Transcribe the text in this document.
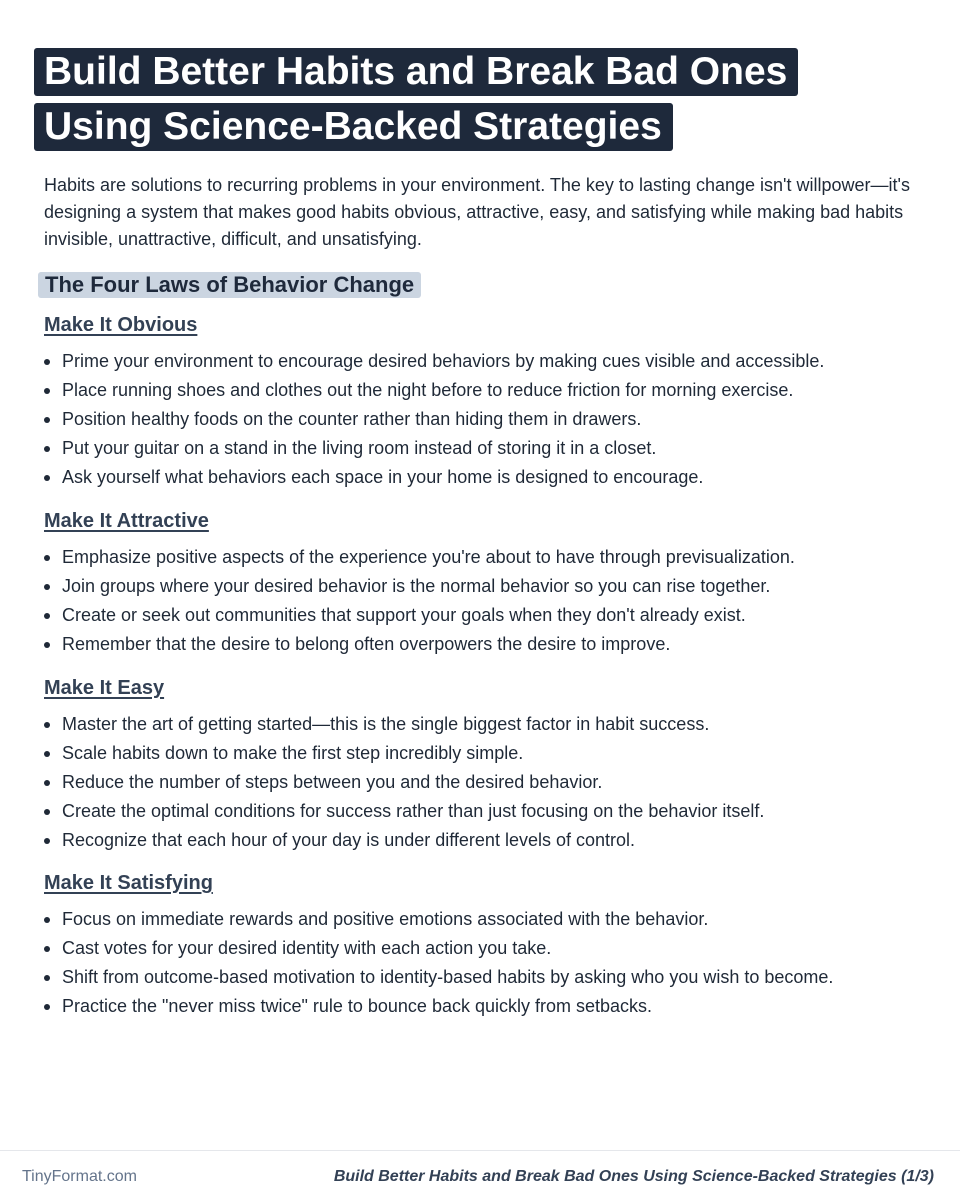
Build Better Habits and Break Bad Ones
Using Science-Backed Strategies

Habits are solutions to recurring problems in your environment. The key to lasting change isn't willpower—it's designing a system that makes good habits obvious, attractive, easy, and satisfying while making bad habits invisible, unattractive, difficult, and unsatisfying.

The Four Laws of Behavior Change
Make It Obvious
Prime your environment to encourage desired behaviors by making cues visible and accessible.
Place running shoes and clothes out the night before to reduce friction for morning exercise.
Position healthy foods on the counter rather than hiding them in drawers.
Put your guitar on a stand in the living room instead of storing it in a closet.
Ask yourself what behaviors each space in your home is designed to encourage.
Make It Attractive
Emphasize positive aspects of the experience you're about to have through previsualization.
Join groups where your desired behavior is the normal behavior so you can rise together.
Create or seek out communities that support your goals when they don't already exist.
Remember that the desire to belong often overpowers the desire to improve.
Make It Easy
Master the art of getting started—this is the single biggest factor in habit success.
Scale habits down to make the first step incredibly simple.
Reduce the number of steps between you and the desired behavior.
Create the optimal conditions for success rather than just focusing on the behavior itself.
Recognize that each hour of your day is under different levels of control.
Make It Satisfying
Focus on immediate rewards and positive emotions associated with the behavior.
Cast votes for your desired identity with each action you take.
Shift from outcome-based motivation to identity-based habits by asking who you wish to become.
Practice the "never miss twice" rule to bounce back quickly from setbacks.
TinyFormat.com	Build Better Habits and Break Bad Ones Using Science-Backed Strategies (1/3)
